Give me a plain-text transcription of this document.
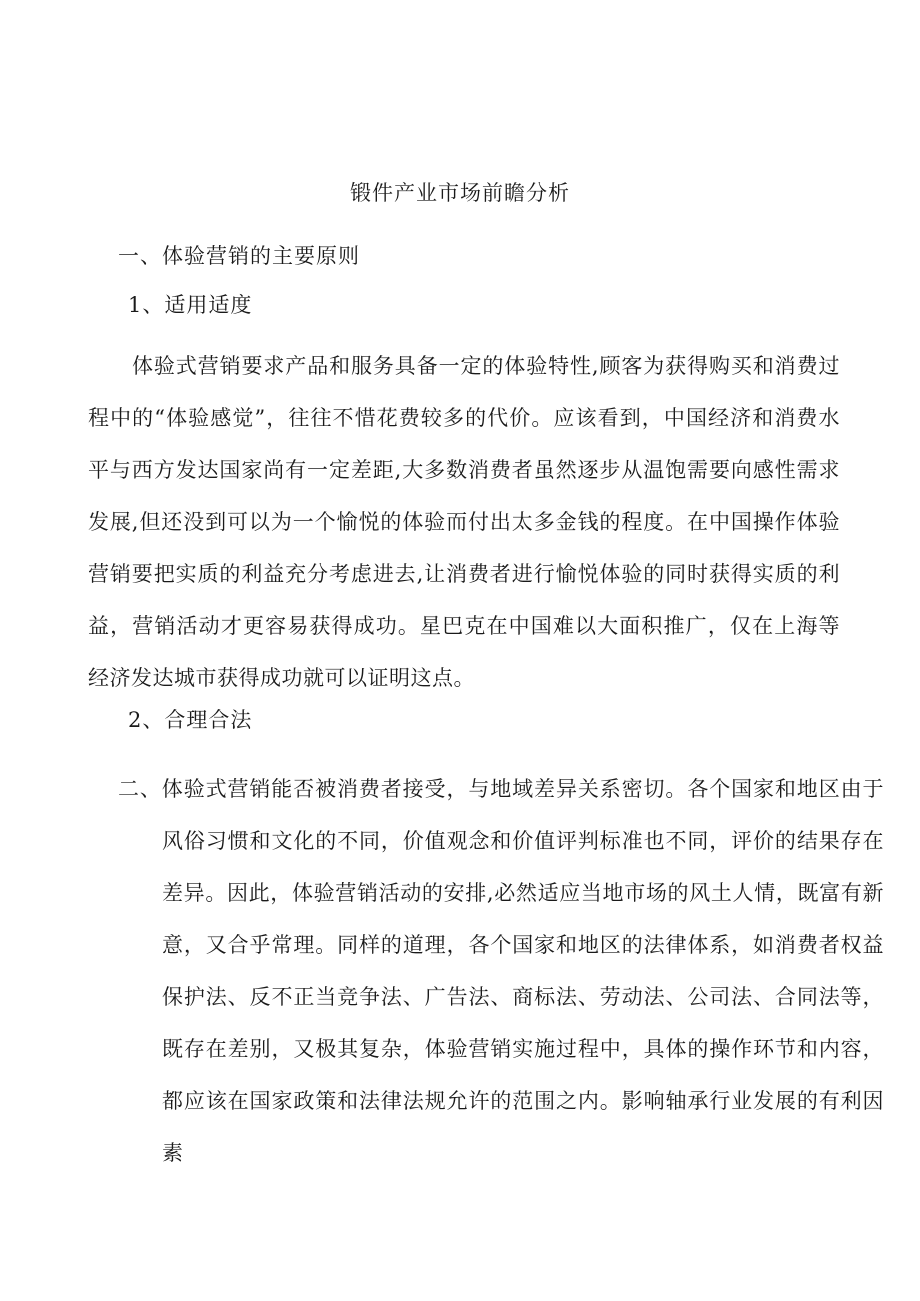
锻件产业市场前瞻分析
一、体验营销的主要原则
1、适用适度
体验式营销要求产品和服务具备一定的体验特性,顾客为获得购买和消费过程中的“体验感觉”，往往不惜花费较多的代价。应该看到，中国经济和消费水平与西方发达国家尚有一定差距,大多数消费者虽然逐步从温饱需要向感性需求发展,但还没到可以为一个愉悦的体验而付出太多金钱的程度。在中国操作体验营销要把实质的利益充分考虑进去,让消费者进行愉悦体验的同时获得实质的利益，营销活动才更容易获得成功。星巴克在中国难以大面积推广，仅在上海等经济发达城市获得成功就可以证明这点。
2、合理合法
二、体验式营销能否被消费者接受，与地域差异关系密切。各个国家和地区由于风俗习惯和文化的不同，价值观念和价值评判标准也不同，评价的结果存在差异。因此，体验营销活动的安排,必然适应当地市场的风土人情，既富有新意，又合乎常理。同样的道理，各个国家和地区的法律体系，如消费者权益保护法、反不正当竞争法、广告法、商标法、劳动法、公司法、合同法等，既存在差别，又极其复杂，体验营销实施过程中，具体的操作环节和内容，都应该在国家政策和法律法规允许的范围之内。影响轴承行业发展的有利因素
